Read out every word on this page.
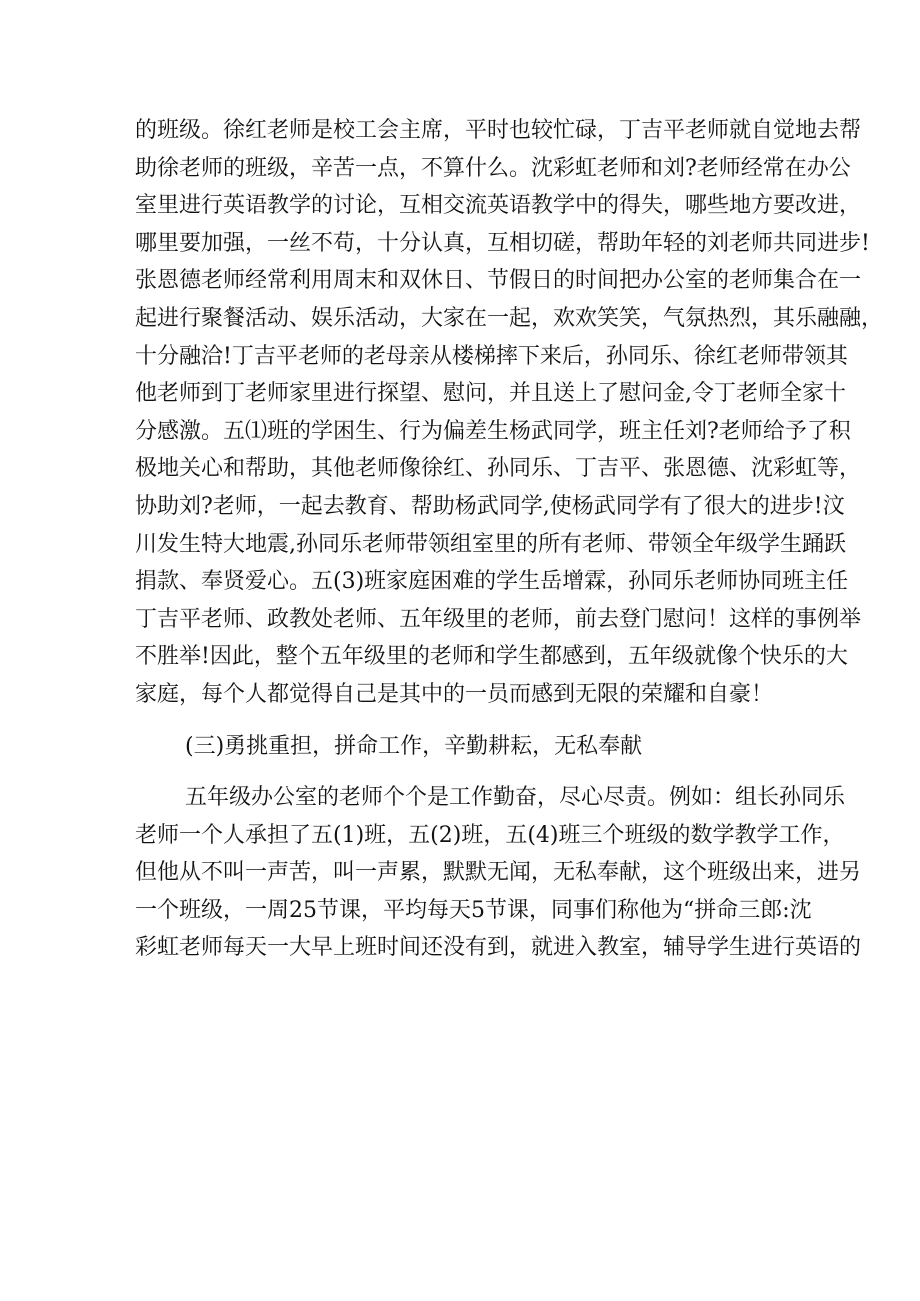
的班级。徐红老师是校工会主席，平时也较忙碌，丁吉平老师就自觉地去帮
助徐老师的班级，辛苦一点，不算什么。沈彩虹老师和刘?老师经常在办公
室里进行英语教学的讨论，互相交流英语教学中的得失，哪些地方要改进，
哪里要加强，一丝不苟，十分认真，互相切磋，帮助年轻的刘老师共同进步!
张恩德老师经常利用周末和双休日、节假日的时间把办公室的老师集合在一
起进行聚餐活动、娱乐活动，大家在一起，欢欢笑笑，气氛热烈，其乐融融，
十分融洽!丁吉平老师的老母亲从楼梯摔下来后，孙同乐、徐红老师带领其
他老师到丁老师家里进行探望、慰问，并且送上了慰问金,令丁老师全家十
分感激。五⑴班的学困生、行为偏差生杨武同学，班主任刘?老师给予了积
极地关心和帮助，其他老师像徐红、孙同乐、丁吉平、张恩德、沈彩虹等，
协助刘?老师，一起去教育、帮助杨武同学,使杨武同学有了很大的进步!汶
川发生特大地震,孙同乐老师带领组室里的所有老师、带领全年级学生踊跃
捐款、奉贤爱心。五(3)班家庭困难的学生岳增霖，孙同乐老师协同班主任
丁吉平老师、政教处老师、五年级里的老师，前去登门慰问！这样的事例举
不胜举!因此，整个五年级里的老师和学生都感到，五年级就像个快乐的大
家庭，每个人都觉得自己是其中的一员而感到无限的荣耀和自豪！
(三)勇挑重担，拼命工作，辛勤耕耘，无私奉献
五年级办公室的老师个个是工作勤奋，尽心尽责。例如：组长孙同乐
老师一个人承担了五(1)班，五(2)班，五(4)班三个班级的数学教学工作，
但他从不叫一声苦，叫一声累，默默无闻，无私奉献，这个班级出来，进另
一个班级，一周25节课，平均每天5节课，同事们称他为“拼命三郎:沈
彩虹老师每天一大早上班时间还没有到，就进入教室，辅导学生进行英语的
